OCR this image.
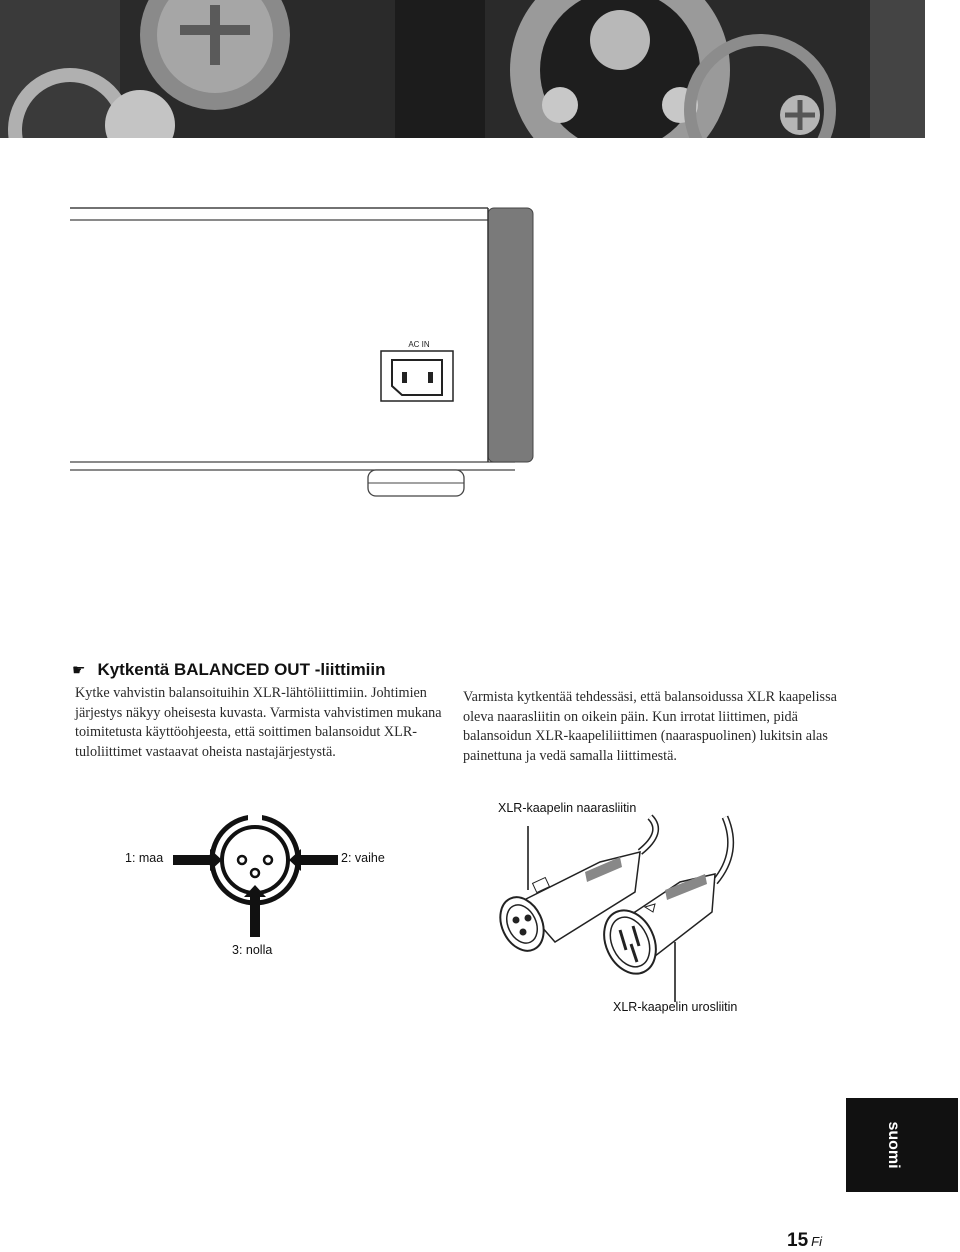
AC IN
☛ Kytkentä BALANCED OUT -liittimiin
Kytke vahvistin balansoituihin XLR-lähtöliittimiin. Johtimien järjestys näkyy oheisesta kuvasta. Varmista vahvistimen mukana toimitetusta käyttöohjeesta, että soittimen balansoidut XLR-tuloliittimet vastaavat oheista nastajärjestystä.
Varmista kytkentää tehdessäsi, että balansoidussa XLR kaapelissa oleva naarasliitin on oikein päin. Kun irrotat liittimen, pidä balansoidun XLR-kaapeliliittimen (naaraspuolinen) lukitsin alas painettuna ja vedä samalla liittimestä.
1: maa	2: vaihe
3: nolla
XLR-kaapelin naarasliitin
XLR-kaapelin urosliitin
suomi
15 Fi
